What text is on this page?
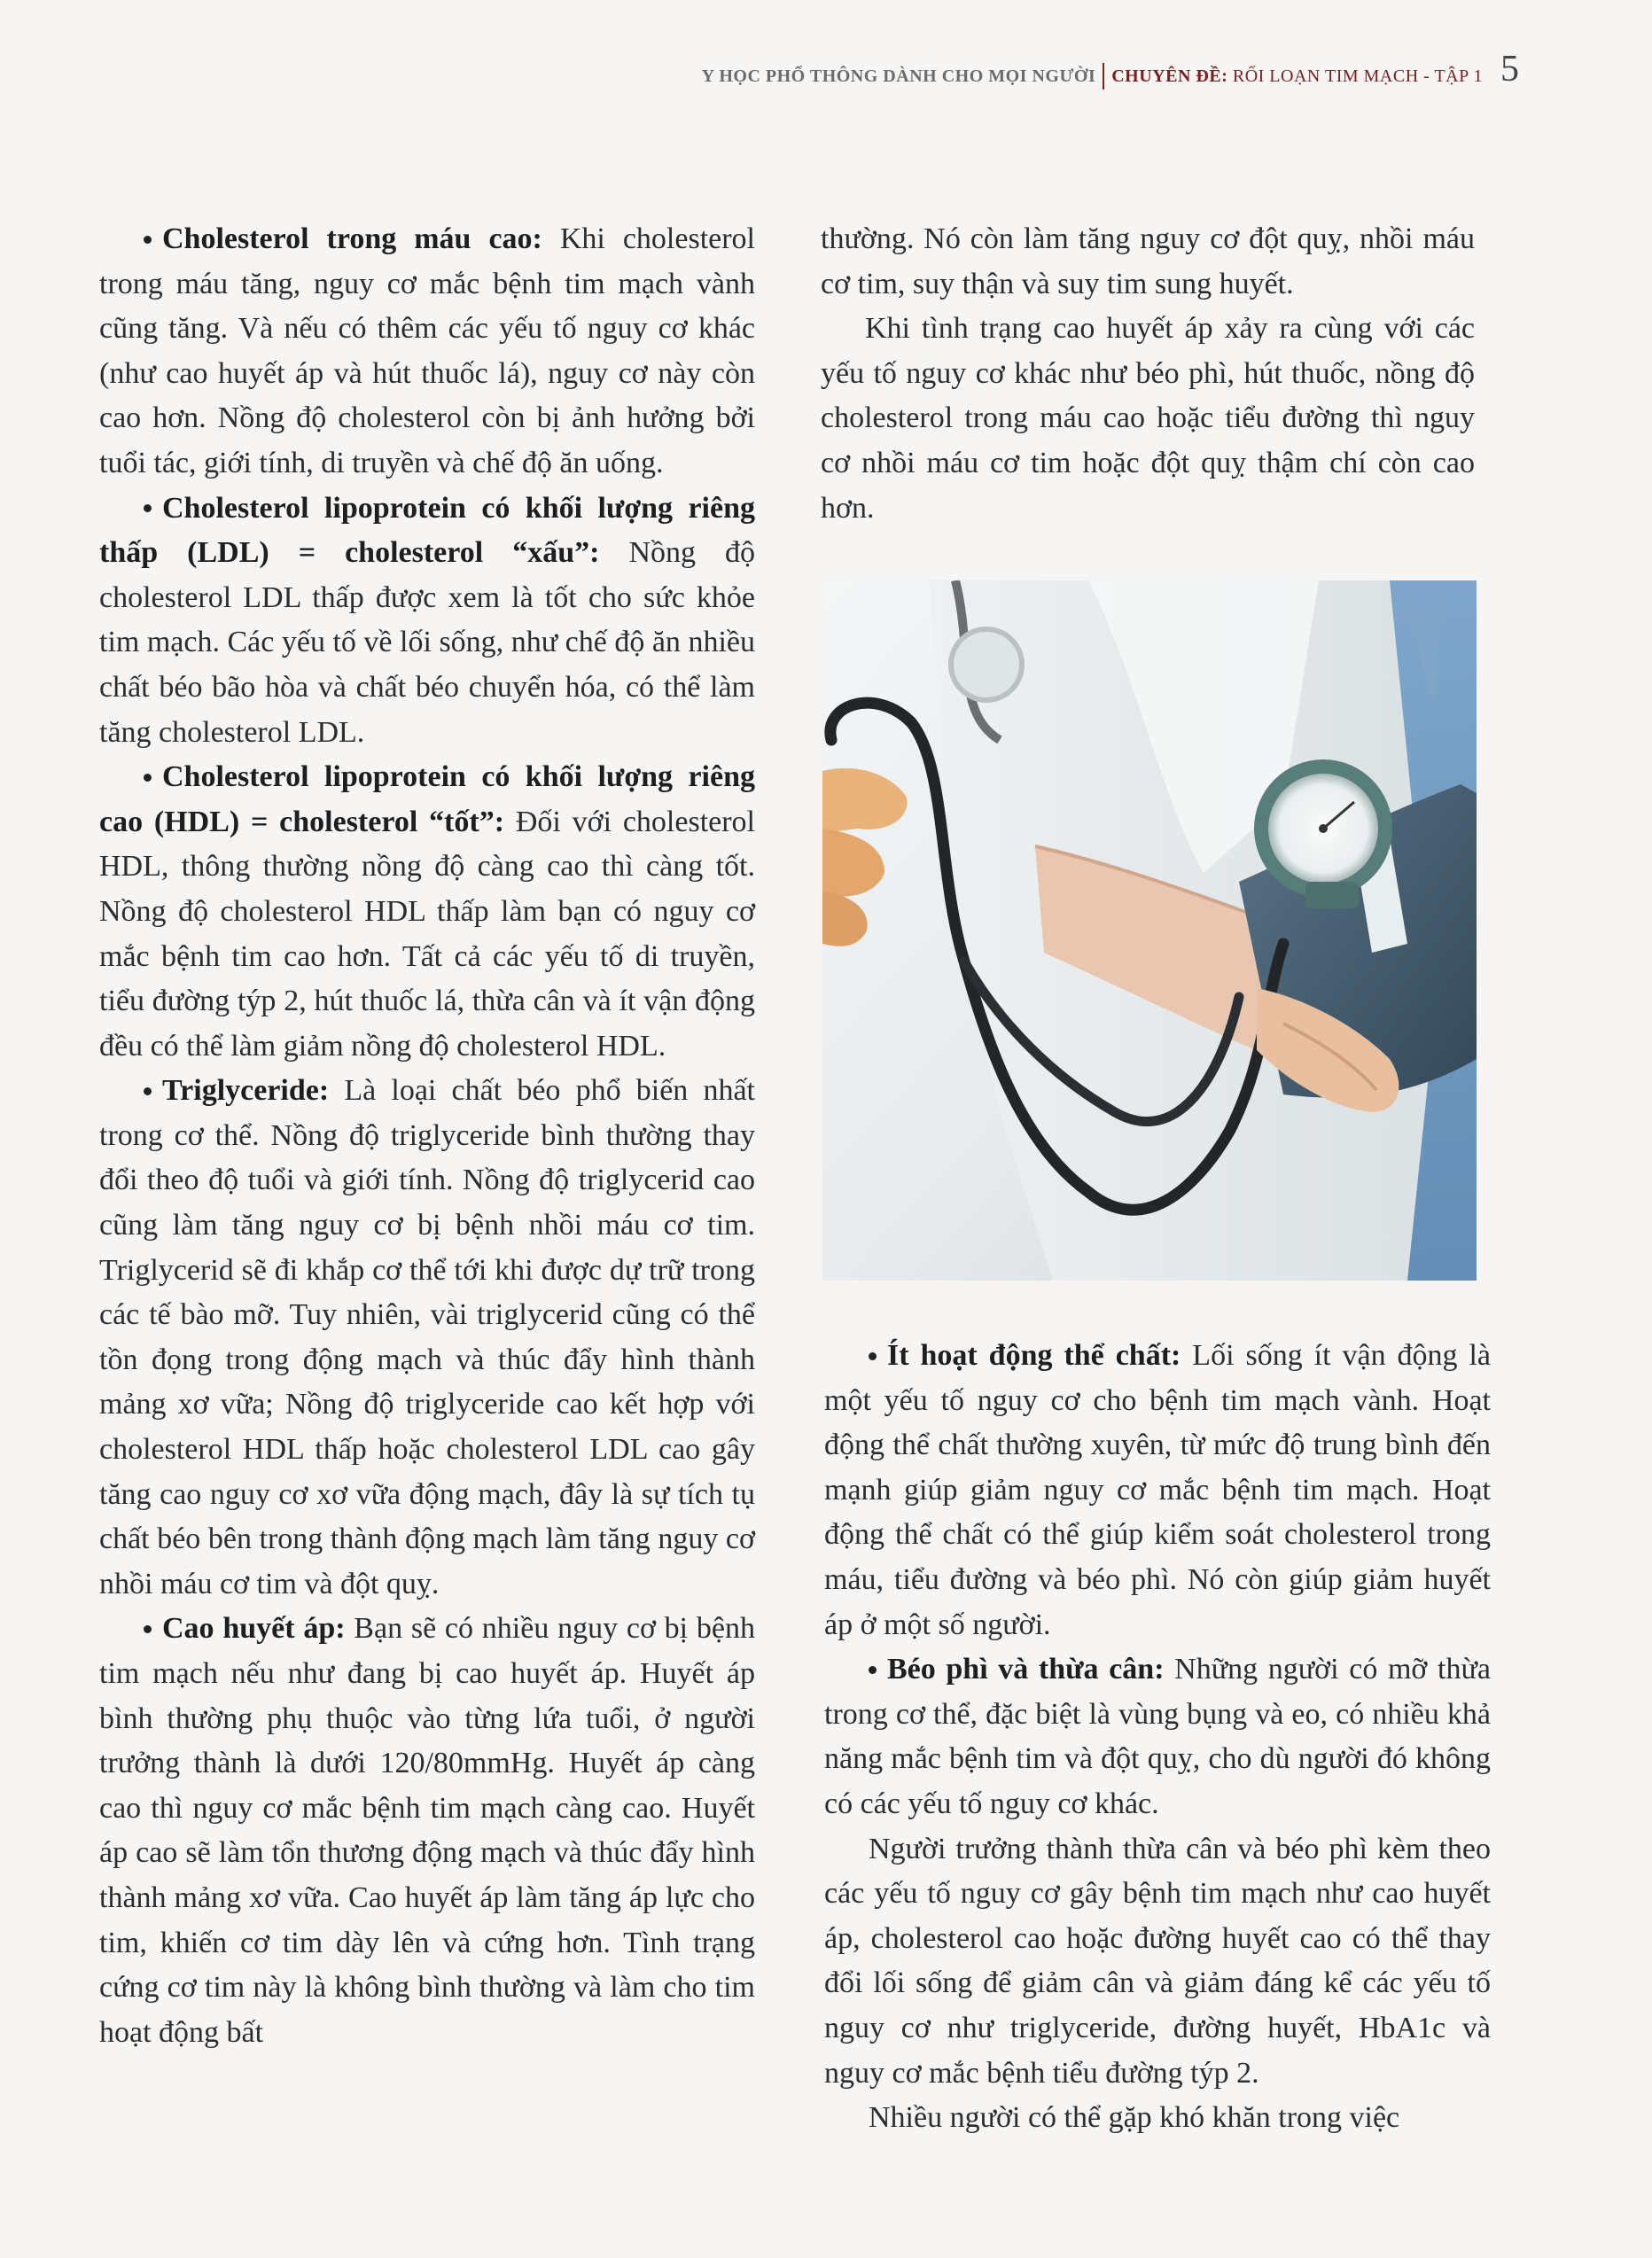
Y HỌC PHỔ THÔNG DÀNH CHO MỌI NGƯỜI CHUYÊN ĐỀ: RỐI LOẠN TIM MẠCH - TẬP 1 5

Cholesterol trong máu cao: Khi cholesterol trong máu tăng, nguy cơ mắc bệnh tim mạch vành cũng tăng. Và nếu có thêm các yếu tố nguy cơ khác (như cao huyết áp và hút thuốc lá), nguy cơ này còn cao hơn. Nồng độ cholesterol còn bị ảnh hưởng bởi tuổi tác, giới tính, di truyền và chế độ ăn uống.

Cholesterol lipoprotein có khối lượng riêng thấp (LDL) = cholesterol “xấu”: Nồng độ cholesterol LDL thấp được xem là tốt cho sức khỏe tim mạch. Các yếu tố về lối sống, như chế độ ăn nhiều chất béo bão hòa và chất béo chuyển hóa, có thể làm tăng cholesterol LDL.

Cholesterol lipoprotein có khối lượng riêng cao (HDL) = cholesterol “tốt”: Đối với cholesterol HDL, thông thường nồng độ càng cao thì càng tốt. Nồng độ cholesterol HDL thấp làm bạn có nguy cơ mắc bệnh tim cao hơn. Tất cả các yếu tố di truyền, tiểu đường týp 2, hút thuốc lá, thừa cân và ít vận động đều có thể làm giảm nồng độ cholesterol HDL.

Triglyceride: Là loại chất béo phổ biến nhất trong cơ thể. Nồng độ triglyceride bình thường thay đổi theo độ tuổi và giới tính. Nồng độ triglycerid cao cũng làm tăng nguy cơ bị bệnh nhồi máu cơ tim. Triglycerid sẽ đi khắp cơ thể tới khi được dự trữ trong các tế bào mỡ. Tuy nhiên, vài triglycerid cũng có thể tồn đọng trong động mạch và thúc đẩy hình thành mảng xơ vữa; Nồng độ triglyceride cao kết hợp với cholesterol HDL thấp hoặc cholesterol LDL cao gây tăng cao nguy cơ xơ vữa động mạch, đây là sự tích tụ chất béo bên trong thành động mạch làm tăng nguy cơ nhồi máu cơ tim và đột quỵ.

Cao huyết áp: Bạn sẽ có nhiều nguy cơ bị bệnh tim mạch nếu như đang bị cao huyết áp. Huyết áp bình thường phụ thuộc vào từng lứa tuổi, ở người trưởng thành là dưới 120/80mmHg. Huyết áp càng cao thì nguy cơ mắc bệnh tim mạch càng cao. Huyết áp cao sẽ làm tổn thương động mạch và thúc đẩy hình thành mảng xơ vữa. Cao huyết áp làm tăng áp lực cho tim, khiến cơ tim dày lên và cứng hơn. Tình trạng cứng cơ tim này là không bình thường và làm cho tim hoạt động bất

thường. Nó còn làm tăng nguy cơ đột quỵ, nhồi máu cơ tim, suy thận và suy tim sung huyết.

Khi tình trạng cao huyết áp xảy ra cùng với các yếu tố nguy cơ khác như béo phì, hút thuốc, nồng độ cholesterol trong máu cao hoặc tiểu đường thì nguy cơ nhồi máu cơ tim hoặc đột quỵ thậm chí còn cao hơn.

Ít hoạt động thể chất: Lối sống ít vận động là một yếu tố nguy cơ cho bệnh tim mạch vành. Hoạt động thể chất thường xuyên, từ mức độ trung bình đến mạnh giúp giảm nguy cơ mắc bệnh tim mạch. Hoạt động thể chất có thể giúp kiểm soát cholesterol trong máu, tiểu đường và béo phì. Nó còn giúp giảm huyết áp ở một số người.

Béo phì và thừa cân: Những người có mỡ thừa trong cơ thể, đặc biệt là vùng bụng và eo, có nhiều khả năng mắc bệnh tim và đột quỵ, cho dù người đó không có các yếu tố nguy cơ khác.

Người trưởng thành thừa cân và béo phì kèm theo các yếu tố nguy cơ gây bệnh tim mạch như cao huyết áp, cholesterol cao hoặc đường huyết cao có thể thay đổi lối sống để giảm cân và giảm đáng kể các yếu tố nguy cơ như triglyceride, đường huyết, HbA1c và nguy cơ mắc bệnh tiểu đường týp 2.

Nhiều người có thể gặp khó khăn trong việc
